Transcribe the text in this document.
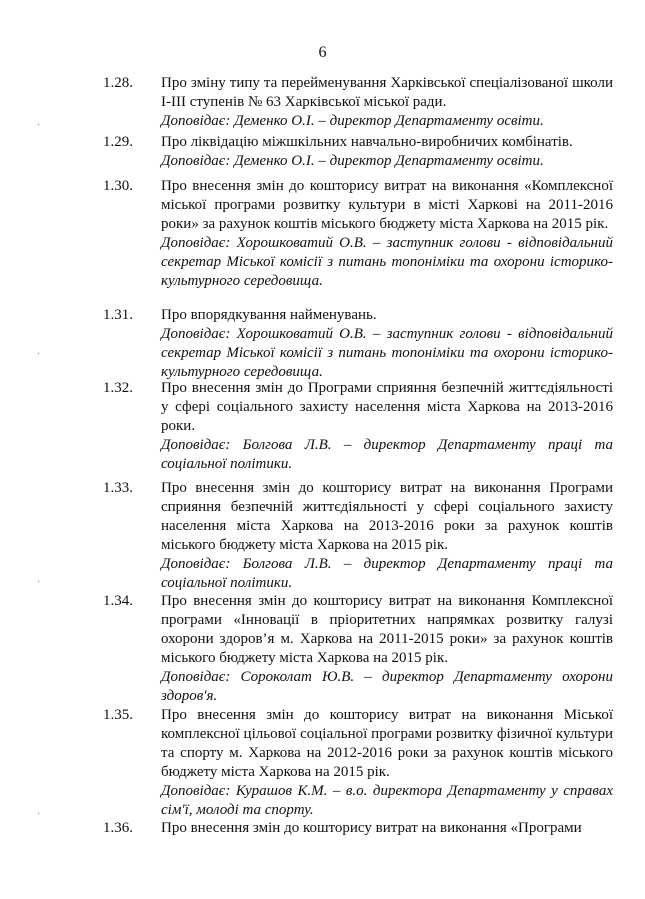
6
1.28. Про зміну типу та перейменування Харківської спеціалізованої школи І-ІІІ ступенів № 63 Харківської міської ради.
Доповідає: Деменко О.І. – директор Департаменту освіти.
1.29. Про ліквідацію міжшкільних навчально-виробничих комбінатів.
Доповідає: Деменко О.І. – директор Департаменту освіти.
1.30. Про внесення змін до кошторису витрат на виконання «Комплексної міської програми розвитку культури в місті Харкові на 2011-2016 роки» за рахунок коштів міського бюджету міста Харкова на 2015 рік.
Доповідає: Хорошковатий О.В. – заступник голови - відповідальний секретар Міської комісії з питань топоніміки та охорони історико-культурного середовища.
1.31. Про впорядкування найменувань.
Доповідає: Хорошковатий О.В. – заступник голови - відповідальний секретар Міської комісії з питань топоніміки та охорони історико-культурного середовища.
1.32. Про внесення змін до Програми сприяння безпечній життєдіяльності у сфері соціального захисту населення міста Харкова на 2013-2016 роки.
Доповідає: Болгова Л.В. – директор Департаменту праці та соціальної політики.
1.33. Про внесення змін до кошторису витрат на виконання Програми сприяння безпечній життєдіяльності у сфері соціального захисту населення міста Харкова на 2013-2016 роки за рахунок коштів міського бюджету міста Харкова на 2015 рік.
Доповідає: Болгова Л.В. – директор Департаменту праці та соціальної політики.
1.34. Про внесення змін до кошторису витрат на виконання Комплексної програми «Інновації в пріоритетних напрямках розвитку галузі охорони здоров’я м. Харкова на 2011-2015 роки» за рахунок коштів міського бюджету міста Харкова на 2015 рік.
Доповідає: Сороколат Ю.В. – директор Департаменту охорони здоров'я.
1.35. Про внесення змін до кошторису витрат на виконання Міської комплексної цільової соціальної програми розвитку фізичної культури та спорту м. Харкова на 2012-2016 роки за рахунок коштів міського бюджету міста Харкова на 2015 рік.
Доповідає: Курашов К.М. – в.о. директора Департаменту у справах сім'ї, молоді та спорту.
1.36. Про внесення змін до кошторису витрат на виконання «Програми
·
·
·
·
